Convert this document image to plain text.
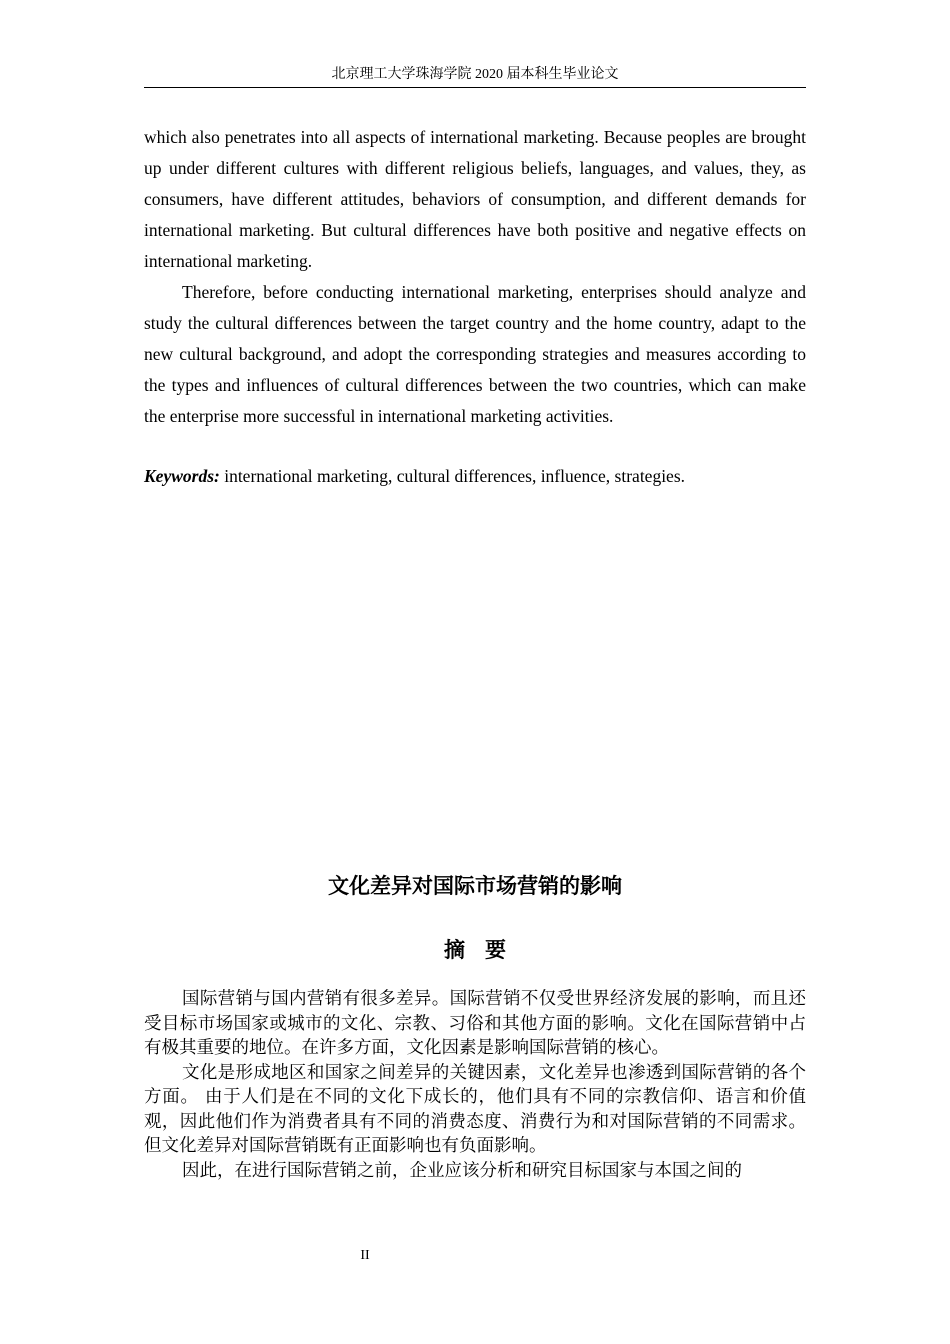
北京理工大学珠海学院 2020 届本科生毕业论文

which also penetrates into all aspects of international marketing. Because peoples are brought up under different cultures with different religious beliefs, languages, and values, they, as consumers, have different attitudes, behaviors of consumption, and different demands for international marketing. But cultural differences have both positive and negative effects on international marketing.

Therefore, before conducting international marketing, enterprises should analyze and study the cultural differences between the target country and the home country, adapt to the new cultural background, and adopt the corresponding strategies and measures according to the types and influences of cultural differences between the two countries, which can make the enterprise more successful in international marketing activities.

Keywords: international marketing, cultural differences, influence, strategies.
文化差异对国际市场营销的影响
摘要

国际营销与国内营销有很多差异。国际营销不仅受世界经济发展的影响，而且还受目标市场国家或城市的文化、宗教、习俗和其他方面的影响。文化在国际营销中占有极其重要的地位。在许多方面，文化因素是影响国际营销的核心。

文化是形成地区和国家之间差异的关键因素，文化差异也渗透到国际营销的各个方面。 由于人们是在不同的文化下成长的，他们具有不同的宗教信仰、语言和价值观，因此他们作为消费者具有不同的消费态度、消费行为和对国际营销的不同需求。 但文化差异对国际营销既有正面影响也有负面影响。

因此，在进行国际营销之前，企业应该分析和研究目标国家与本国之间的

II
